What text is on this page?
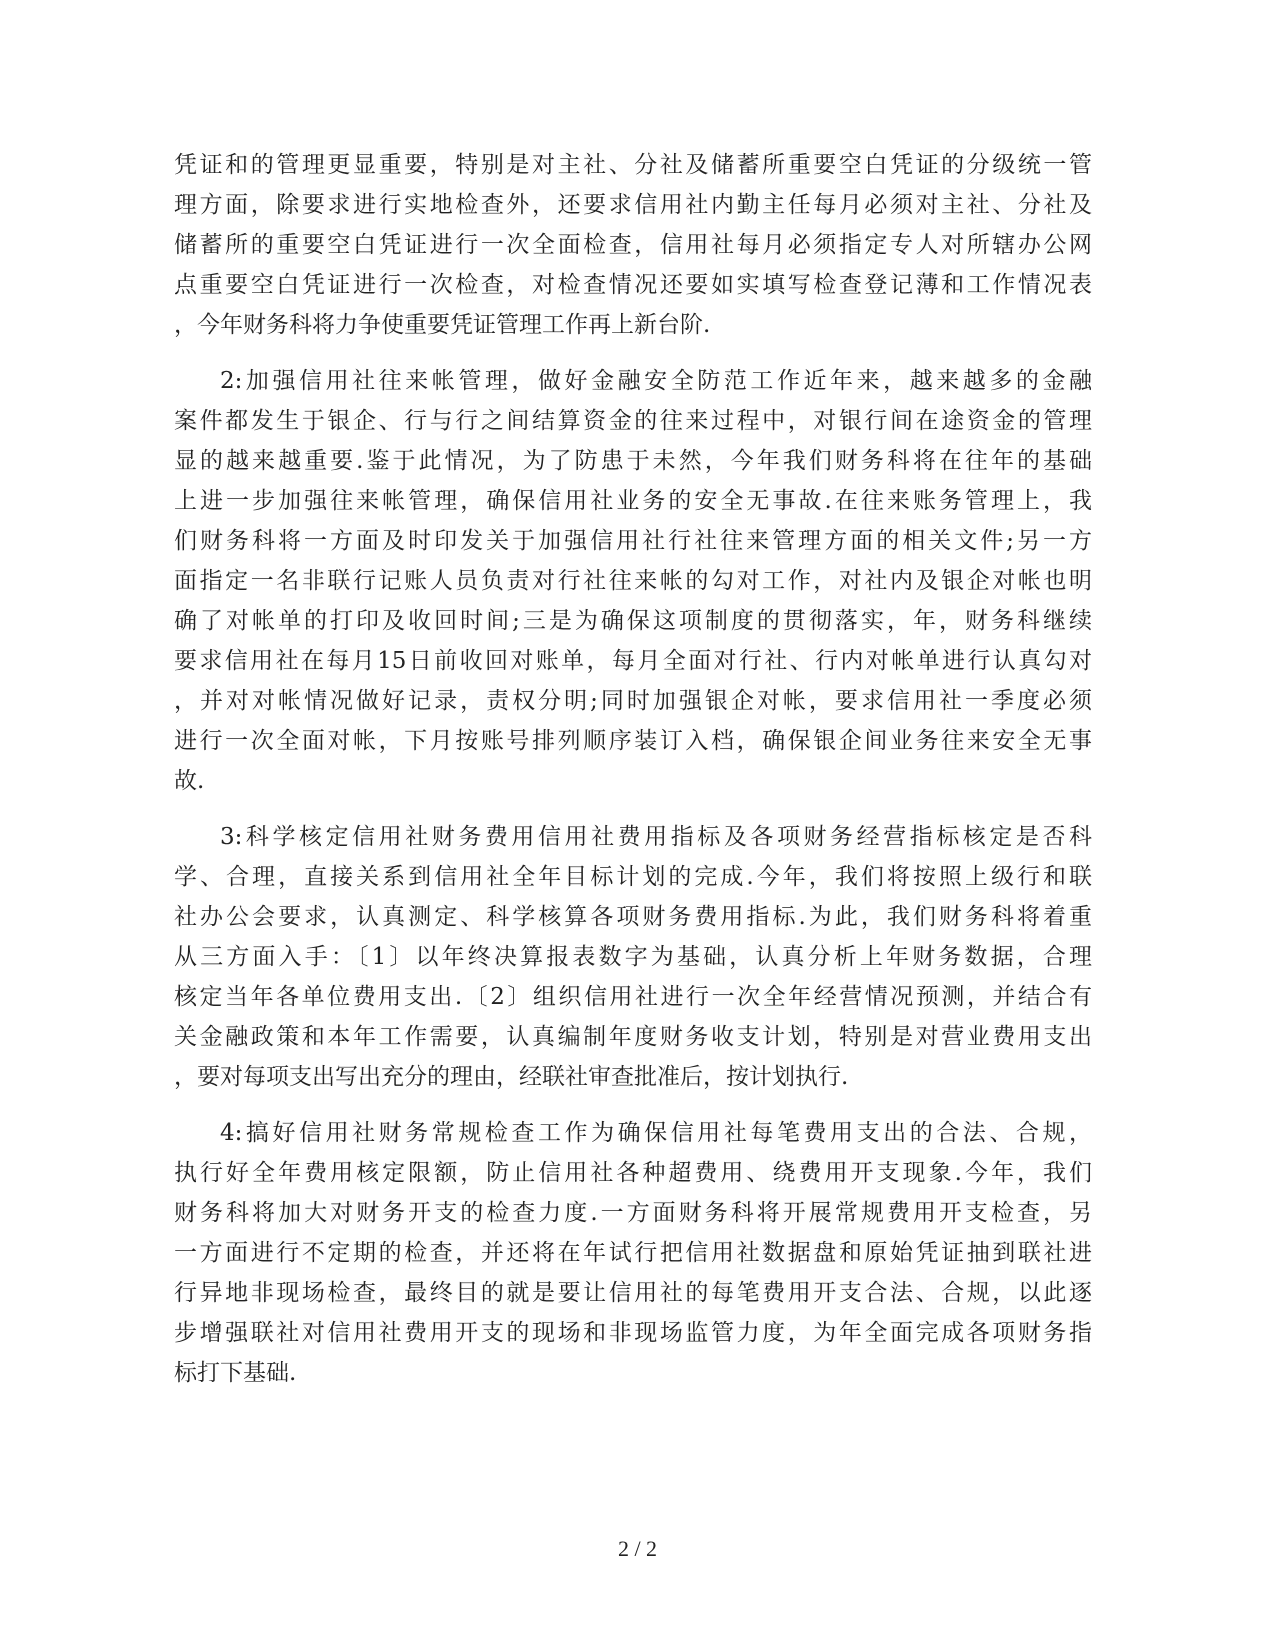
凭证和的管理更显重要，特别是对主社、分社及储蓄所重要空白凭证的分级统一管
理方面，除要求进行实地检查外，还要求信用社内勤主任每月必须对主社、分社及
储蓄所的重要空白凭证进行一次全面检查，信用社每月必须指定专人对所辖办公网
点重要空白凭证进行一次检查，对检查情况还要如实填写检查登记薄和工作情况表
，今年财务科将力争使重要凭证管理工作再上新台阶.
2:加强信用社往来帐管理，做好金融安全防范工作近年来，越来越多的金融
案件都发生于银企、行与行之间结算资金的往来过程中，对银行间在途资金的管理
显的越来越重要.鉴于此情况，为了防患于未然，今年我们财务科将在往年的基础
上进一步加强往来帐管理，确保信用社业务的安全无事故.在往来账务管理上，我
们财务科将一方面及时印发关于加强信用社行社往来管理方面的相关文件;另一方
面指定一名非联行记账人员负责对行社往来帐的勾对工作，对社内及银企对帐也明
确了对帐单的打印及收回时间;三是为确保这项制度的贯彻落实，年，财务科继续
要求信用社在每月15日前收回对账单，每月全面对行社、行内对帐单进行认真勾对
，并对对帐情况做好记录，责权分明;同时加强银企对帐，要求信用社一季度必须
进行一次全面对帐，下月按账号排列顺序装订入档，确保银企间业务往来安全无事
故.
3:科学核定信用社财务费用信用社费用指标及各项财务经营指标核定是否科
学、合理，直接关系到信用社全年目标计划的完成.今年，我们将按照上级行和联
社办公会要求，认真测定、科学核算各项财务费用指标.为此，我们财务科将着重
从三方面入手：〔1〕以年终决算报表数字为基础，认真分析上年财务数据，合理
核定当年各单位费用支出.〔2〕组织信用社进行一次全年经营情况预测，并结合有
关金融政策和本年工作需要，认真编制年度财务收支计划，特别是对营业费用支出
，要对每项支出写出充分的理由，经联社审查批准后，按计划执行.
4:搞好信用社财务常规检查工作为确保信用社每笔费用支出的合法、合规，
执行好全年费用核定限额，防止信用社各种超费用、绕费用开支现象.今年，我们
财务科将加大对财务开支的检查力度.一方面财务科将开展常规费用开支检查，另
一方面进行不定期的检查，并还将在年试行把信用社数据盘和原始凭证抽到联社进
行异地非现场检查，最终目的就是要让信用社的每笔费用开支合法、合规，以此逐
步增强联社对信用社费用开支的现场和非现场监管力度，为年全面完成各项财务指
标打下基础.
2 / 2
